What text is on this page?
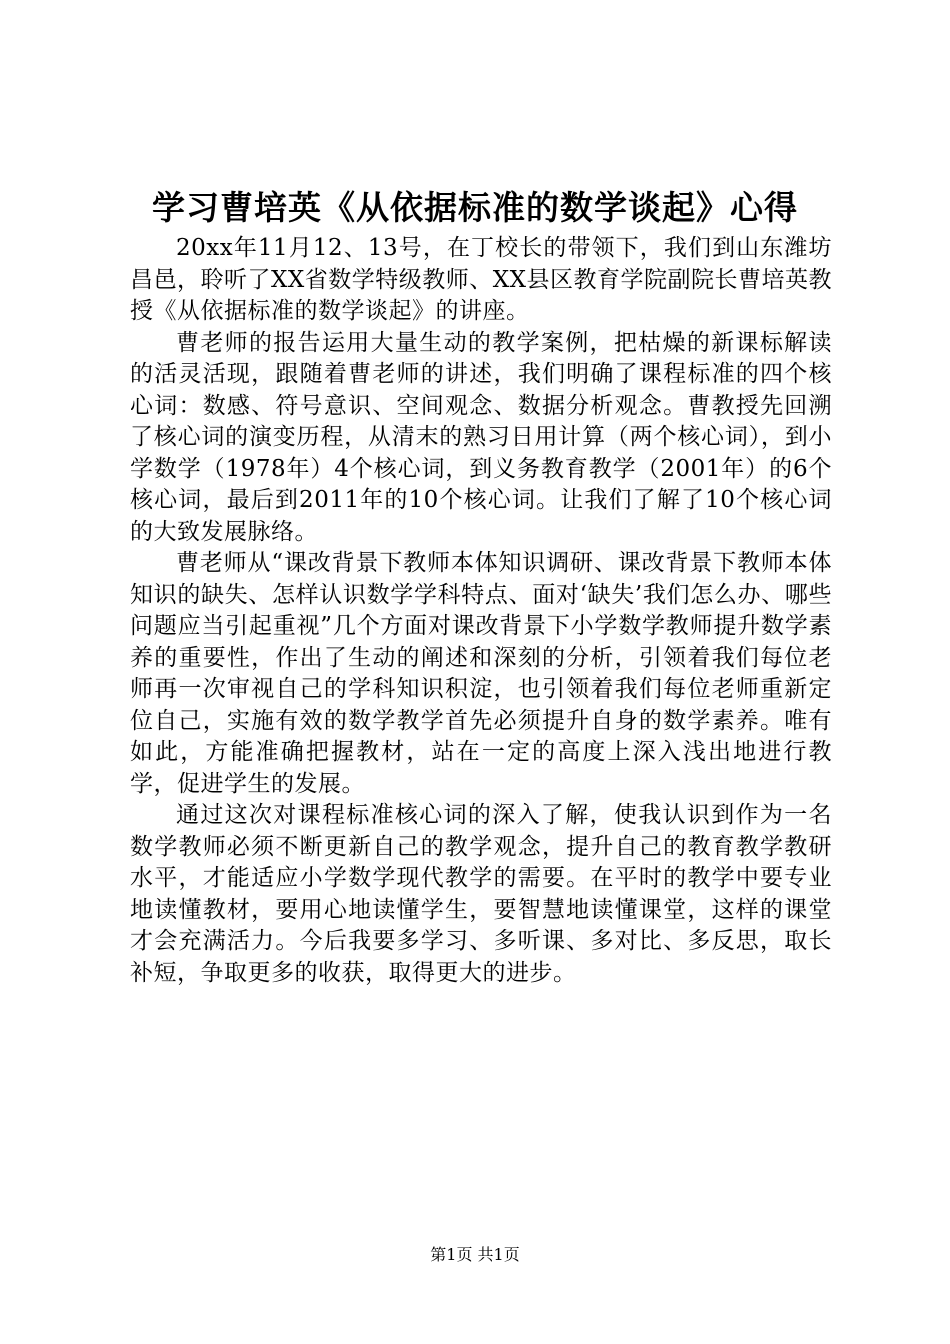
学习曹培英《从依据标准的数学谈起》心得

20xx年11月12、13号，在丁校长的带领下，我们到山东潍坊昌邑，聆听了XX省数学特级教师、XX县区教育学院副院长曹培英教授《从依据标准的数学谈起》的讲座。

曹老师的报告运用大量生动的教学案例，把枯燥的新课标解读的活灵活现，跟随着曹老师的讲述，我们明确了课程标准的四个核心词：数感、符号意识、空间观念、数据分析观念。曹教授先回溯了核心词的演变历程，从清末的熟习日用计算（两个核心词），到小学数学（1978年）4个核心词，到义务教育教学（2001年）的6个核心词，最后到2011年的10个核心词。让我们了解了10个核心词的大致发展脉络。

曹老师从“课改背景下教师本体知识调研、课改背景下教师本体知识的缺失、怎样认识数学学科特点、面对‘缺失’我们怎么办、哪些问题应当引起重视”几个方面对课改背景下小学数学教师提升数学素养的重要性，作出了生动的阐述和深刻的分析，引领着我们每位老师再一次审视自己的学科知识积淀，也引领着我们每位老师重新定位自己，实施有效的数学教学首先必须提升自身的数学素养。唯有如此，方能准确把握教材，站在一定的高度上深入浅出地进行教学，促进学生的发展。

通过这次对课程标准核心词的深入了解，使我认识到作为一名数学教师必须不断更新自己的教学观念，提升自己的教育教学教研水平，才能适应小学数学现代教学的需要。在平时的教学中要专业地读懂教材，要用心地读懂学生，要智慧地读懂课堂，这样的课堂才会充满活力。今后我要多学习、多听课、多对比、多反思，取长补短，争取更多的收获，取得更大的进步。

第1页 共1页
